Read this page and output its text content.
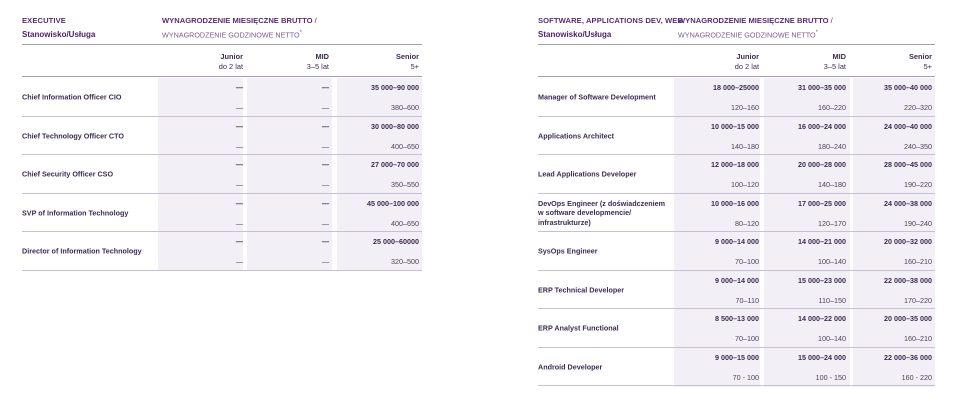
EXECUTIVE
Stanowisko/Usługa
WYNAGRODZENIE MIESIĘCZNE BRUTTO /
WYNAGRODZENIE GODZINOWE NETTO*
Junior
do 2 lat
MID
3–5 lat
Senior
5+
Chief Information Officer CIO
—
—
—
—
35 000–90 000
380–600
Chief Technology Officer CTO
—
—
—
—
30 000–80 000
400–650
Chief Security Officer CSO
—
—
—
—
27 000–70 000
350–550
SVP of Information Technology
—
—
—
—
45 000–100 000
400–650
Director of Information Technology
—
—
—
—
25 000–60000
320–500
SOFTWARE, APPLICATIONS DEV, WEB
Stanowisko/Usługa
WYNAGRODZENIE MIESIĘCZNE BRUTTO /
WYNAGRODZENIE GODZINOWE NETTO*
Junior
do 2 lat
MID
3–5 lat
Senior
5+
Manager of Software Development
18 000–25000
120–160
31 000–35 000
160–220
35 000–40 000
220–320
Applications Architect
10 000–15 000
140–180
16 000–24 000
180–240
24 000–40 000
240–350
Lead Applications Developer
12 000–18 000
100–120
20 000–28 000
140–180
28 000–45 000
190–220
DevOps Engineer (z doświadczeniem w software developmencie/ infrastrukturze)
10 000–16 000
80–120
17 000–25 000
120–170
24 000–38 000
190–240
SysOps Engineer
9 000–14 000
70–100
14 000–21 000
100–140
20 000–32 000
160–210
ERP Technical Developer
9 000–14 000
70–110
15 000–23 000
110–150
22 000–38 000
170–220
ERP Analyst Functional
8 500–13 000
70–100
14 000–22 000
100–140
20 000–35 000
160–210
Android Developer
9 000–15 000
70 - 100
15 000–24 000
100 - 150
22 000–36 000
160 - 220
